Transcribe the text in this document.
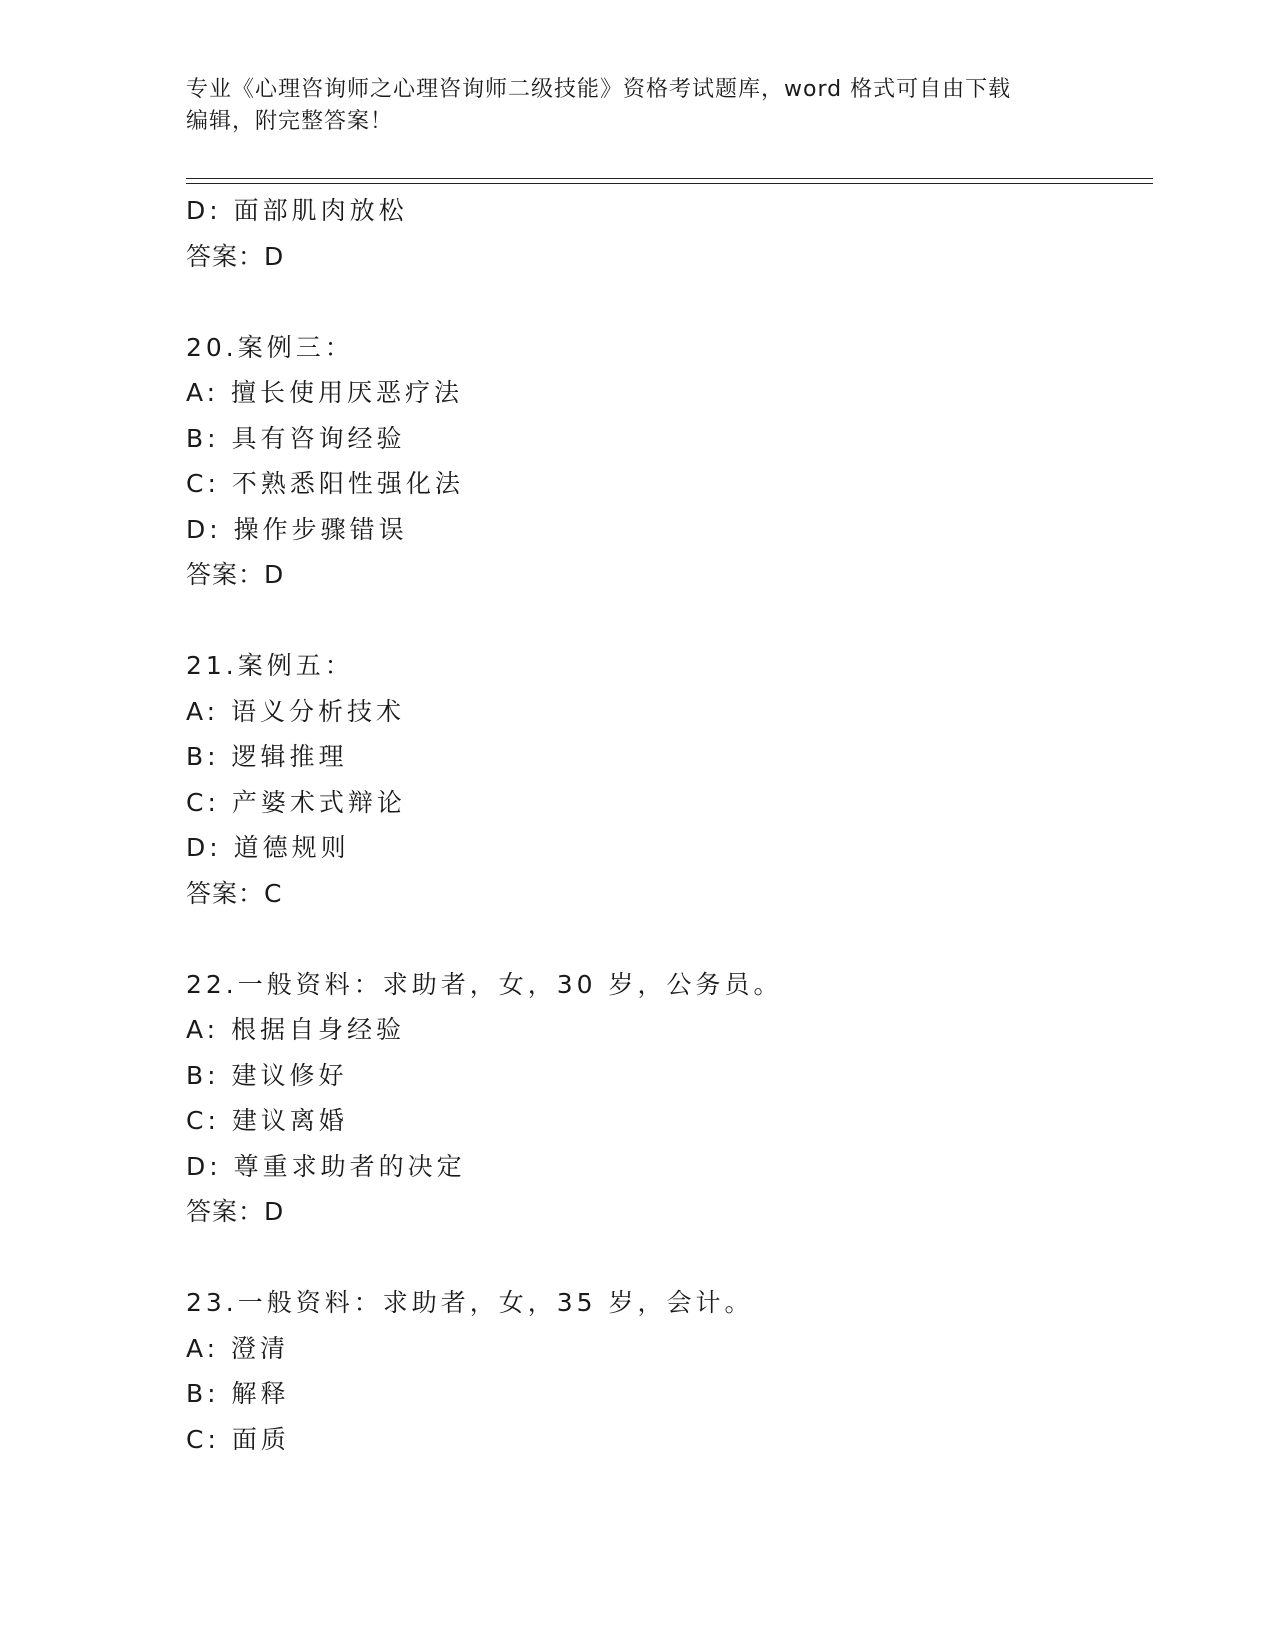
专业《心理咨询师之心理咨询师二级技能》资格考试题库，word 格式可自由下载
编辑，附完整答案！
D: 面部肌肉放松
答案：D
20.案例三：
A: 擅长使用厌恶疗法
B: 具有咨询经验
C: 不熟悉阳性强化法
D: 操作步骤错误
答案：D
21.案例五：
A: 语义分析技术
B: 逻辑推理
C: 产婆术式辩论
D: 道德规则
答案：C
22.一般资料：求助者，女，30 岁，公务员。
A: 根据自身经验
B: 建议修好
C: 建议离婚
D: 尊重求助者的决定
答案：D
23.一般资料：求助者，女，35 岁，会计。
A: 澄清
B: 解释
C: 面质
